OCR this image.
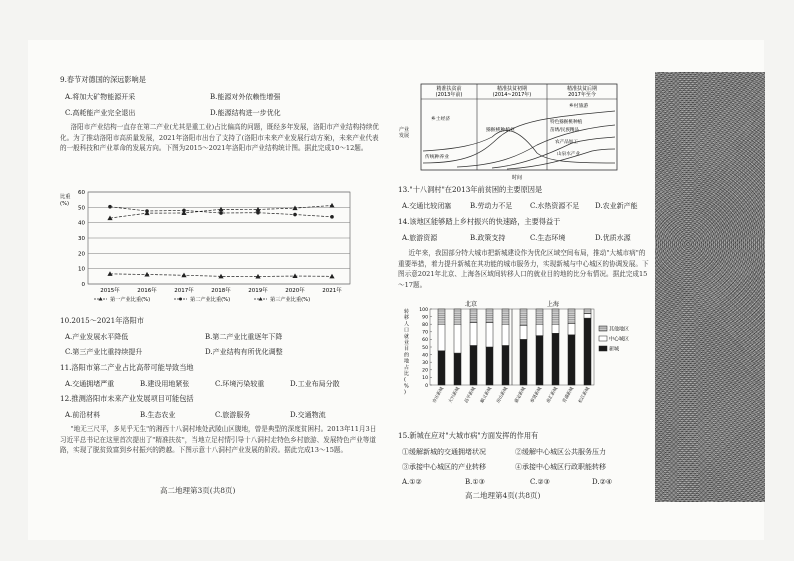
9.春节对德国的深远影响是
A.将加大矿物能源开采	B.能源对外依赖性增强
C.高耗能产业完全退出	D.能源结构进一步优化
洛阳市产业结构一直存在第二产业(尤其是重工业)占比偏高的问题，既经多年发展，洛阳市产业结构持续优化。为了推动洛阳市高质量发展，2021年洛阳市出台了支持了(洛阳市未来产业发展行动方案)，未来产业代表的一般科技和产业革命的发展方向。下图为2015～2021年洛阳市产业结构统计图。据此完成10～12题。
0
10
20
30
40
50
60
比重
(%)
2015年	2016年	2017年	2018年	2019年	2020年	2021年
第一产业比重(%)	第二产业比重(%)	第三产业比重(%)
10.2015～2021年洛阳市
A.产业发展水平降低	B.第二产业比重逐年下降
C.第三产业比重持续提升	D.产业结构有所优化调整
11.洛阳市第二产业占比高带可能导致当地
A.交通拥堵严重	B.建设用地紧张	C.环境污染较重	D.工业布局分散
12.推测洛阳市未来产业发展项目可能包括
A.前沿材料	B.生态农业	C.旅游服务	D.交通物流
"地无三尺平，多见乎无生"的湘西十八洞村地处武陵山区腹地，曾是典型的深度贫困村。2013年11月3日习近平总书记在这里首次提出了"精准扶贫"，当地立足村情引导十八洞村走特色乡村旅游、发展特色产业等道路，实现了脱贫致富到乡村振兴的跨越。下图示意十八洞村产业发展的阶段。据此完成13～15题。
高二地理第3页(共8页)
精准扶贫前(2013年前)
精准扶贫初期(2014~2017年)
精准扶贫后期 2017年至今
乡土经济
猕猴桃种植业
传统种养业
乡村旅游
特色猕猴桃种植
苗绣/民族精品
农产品加工
山泉水产业
产业发展
时间
13."十八洞村"在2013年前贫困的主要原因是
A.交通比较闭塞	B.劳动力不足	C.水热资源不足 D.农业新产能
14.该地区能够踏上乡村振兴的快速路，主要得益于
A.旅游资源	B.政策支持	C.生态环境	D.优质水源
近年来，我国部分特大城市把新城建设作为优化区域空间布局，推动"大城市病"的重要举措，着力提升新城在其功能的城市服务力，实现新城与中心城区的协调发展。下图示意2021年北京、上海各区域间转移人口的就业目的地的比分布情况。据此完成15～17题。
北京	上海
0
10
20
30
40
50
60
70
80
90
100
转
移
人
口
就
业
目
的
地
占
比
(
%
)	亦庄新城 大兴新城 昌平新城 顺义新城 房山新城	嘉定新城 奉贤新城 南汇新城 青浦新城 松江新城
其他地区
中心城区
新城
15.新城在应对"大城市病"方面发挥的作用有
①缓解新城的交通拥堵状况	②缓解中心城区公共服务压力
③承接中心城区的产业转移	④承接中心城区行政职能转移
A.①②	B.①③	C.②③	D.②④
高二地理第4页(共8页)
